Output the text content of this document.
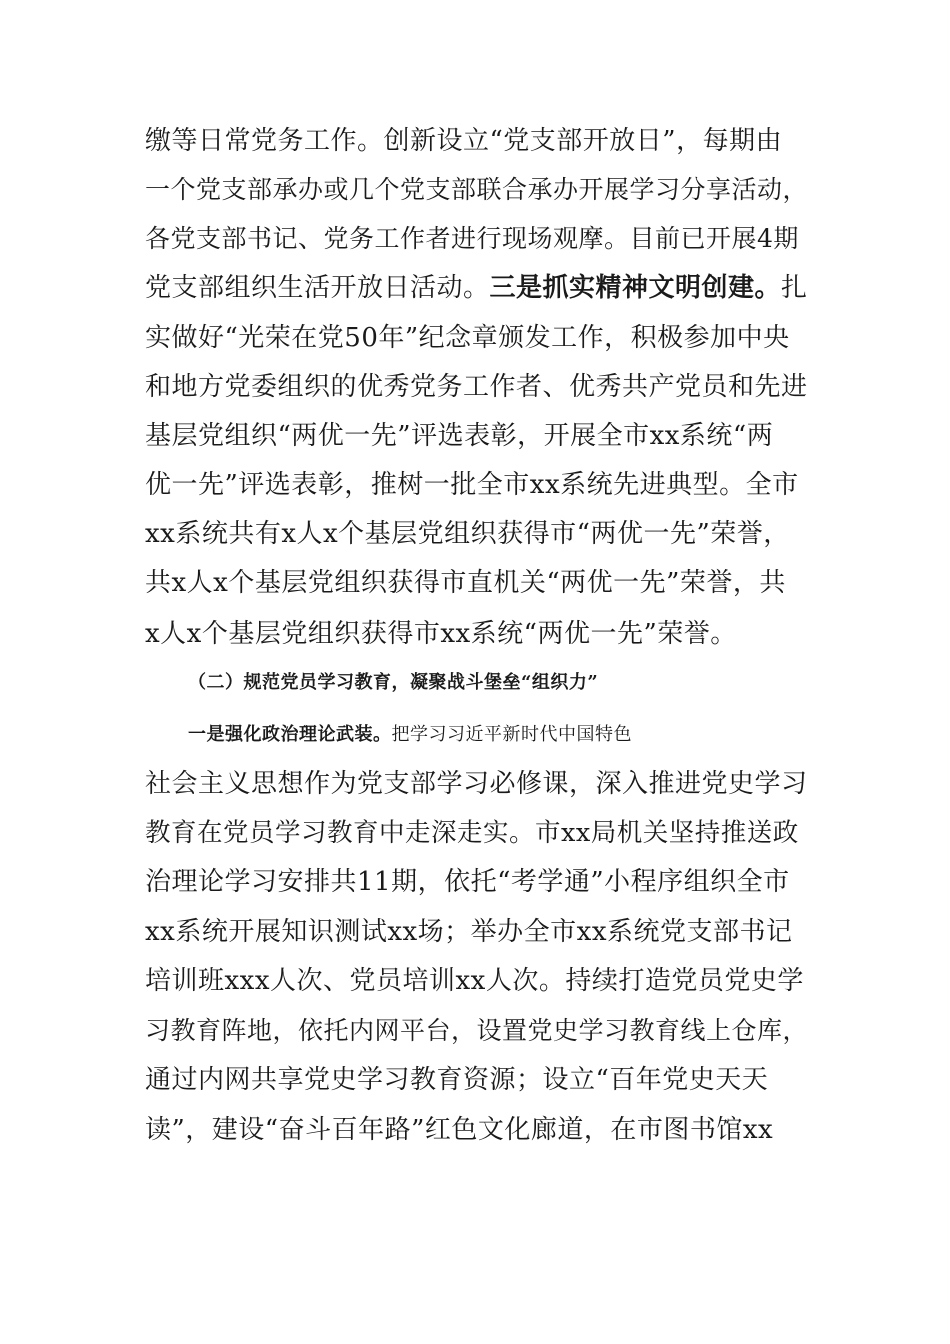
缴等日常党务工作。创新设立“党支部开放日”，每期由
一个党支部承办或几个党支部联合承办开展学习分享活动，
各党支部书记、党务工作者进行现场观摩。目前已开展4期
党支部组织生活开放日活动。三是抓实精神文明创建。扎
实做好“光荣在党50年”纪念章颁发工作，积极参加中央
和地方党委组织的优秀党务工作者、优秀共产党员和先进
基层党组织“两优一先”评选表彰，开展全市xx系统“两
优一先”评选表彰，推树一批全市xx系统先进典型。全市
xx系统共有x人x个基层党组织获得市“两优一先”荣誉，
共x人x个基层党组织获得市直机关“两优一先”荣誉，共
x人x个基层党组织获得市xx系统“两优一先”荣誉。
（二）规范党员学习教育，凝聚战斗堡垒“组织力”
一是强化政治理论武装。把学习习近平新时代中国特色
社会主义思想作为党支部学习必修课，深入推进党史学习
教育在党员学习教育中走深走实。市xx局机关坚持推送政
治理论学习安排共11期，依托“考学通”小程序组织全市
xx系统开展知识测试xx场；举办全市xx系统党支部书记
培训班xxx人次、党员培训xx人次。持续打造党员党史学
习教育阵地，依托内网平台，设置党史学习教育线上仓库，
通过内网共享党史学习教育资源；设立“百年党史天天
读”，建设“奋斗百年路”红色文化廊道，在市图书馆xx
